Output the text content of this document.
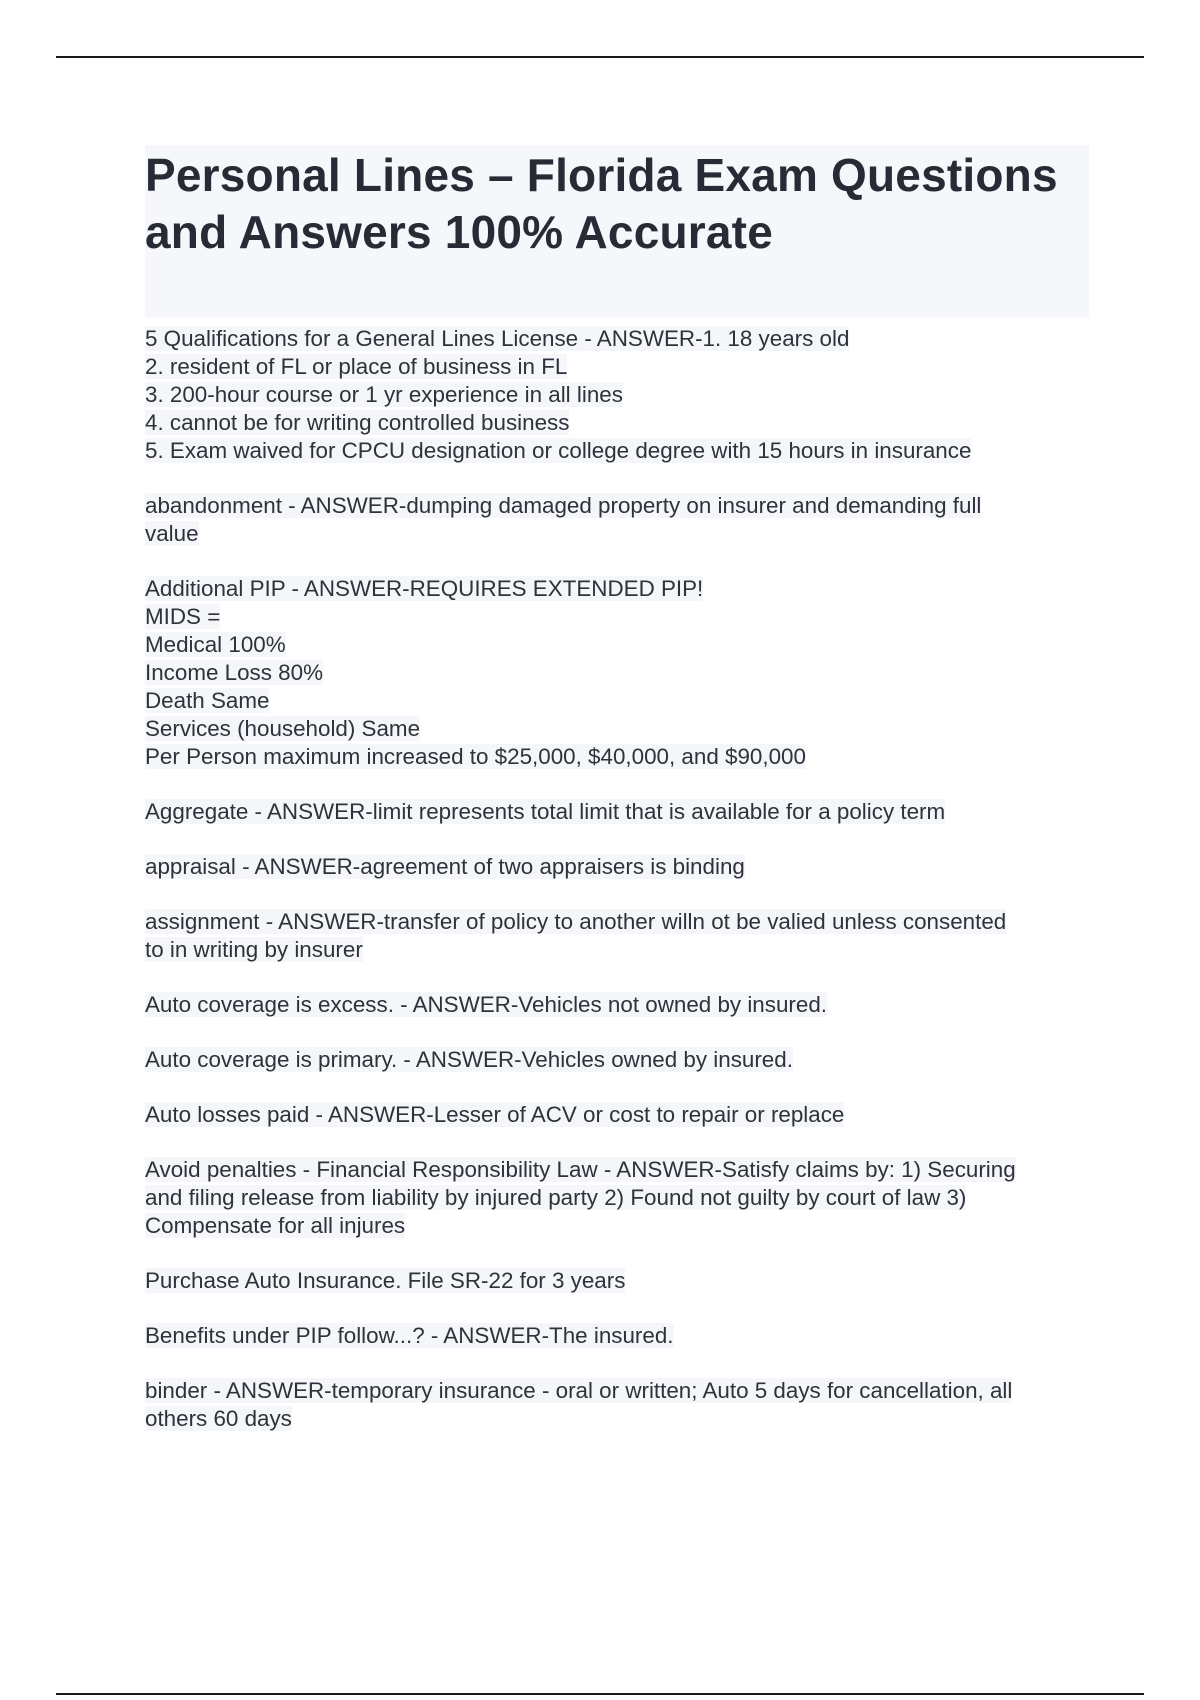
Personal Lines – Florida Exam Questions and Answers 100% Accurate
5 Qualifications for a General Lines License - ANSWER-1. 18 years old
2. resident of FL or place of business in FL
3. 200-hour course or 1 yr experience in all lines
4. cannot be for writing controlled business
5. Exam waived for CPCU designation or college degree with 15 hours in insurance
abandonment - ANSWER-dumping damaged property on insurer and demanding full
value
Additional PIP - ANSWER-REQUIRES EXTENDED PIP!
MIDS =
Medical 100%
Income Loss 80%
Death Same
Services (household) Same
Per Person maximum increased to $25,000, $40,000, and $90,000
Aggregate - ANSWER-limit represents total limit that is available for a policy term
appraisal - ANSWER-agreement of two appraisers is binding
assignment - ANSWER-transfer of policy to another willn ot be valied unless consented
to in writing by insurer
Auto coverage is excess. - ANSWER-Vehicles not owned by insured.
Auto coverage is primary. - ANSWER-Vehicles owned by insured.
Auto losses paid - ANSWER-Lesser of ACV or cost to repair or replace
Avoid penalties - Financial Responsibility Law - ANSWER-Satisfy claims by: 1) Securing
and filing release from liability by injured party 2) Found not guilty by court of law 3)
Compensate for all injures
Purchase Auto Insurance. File SR-22 for 3 years
Benefits under PIP follow...? - ANSWER-The insured.
binder - ANSWER-temporary insurance - oral or written; Auto 5 days for cancellation, all
others 60 days
